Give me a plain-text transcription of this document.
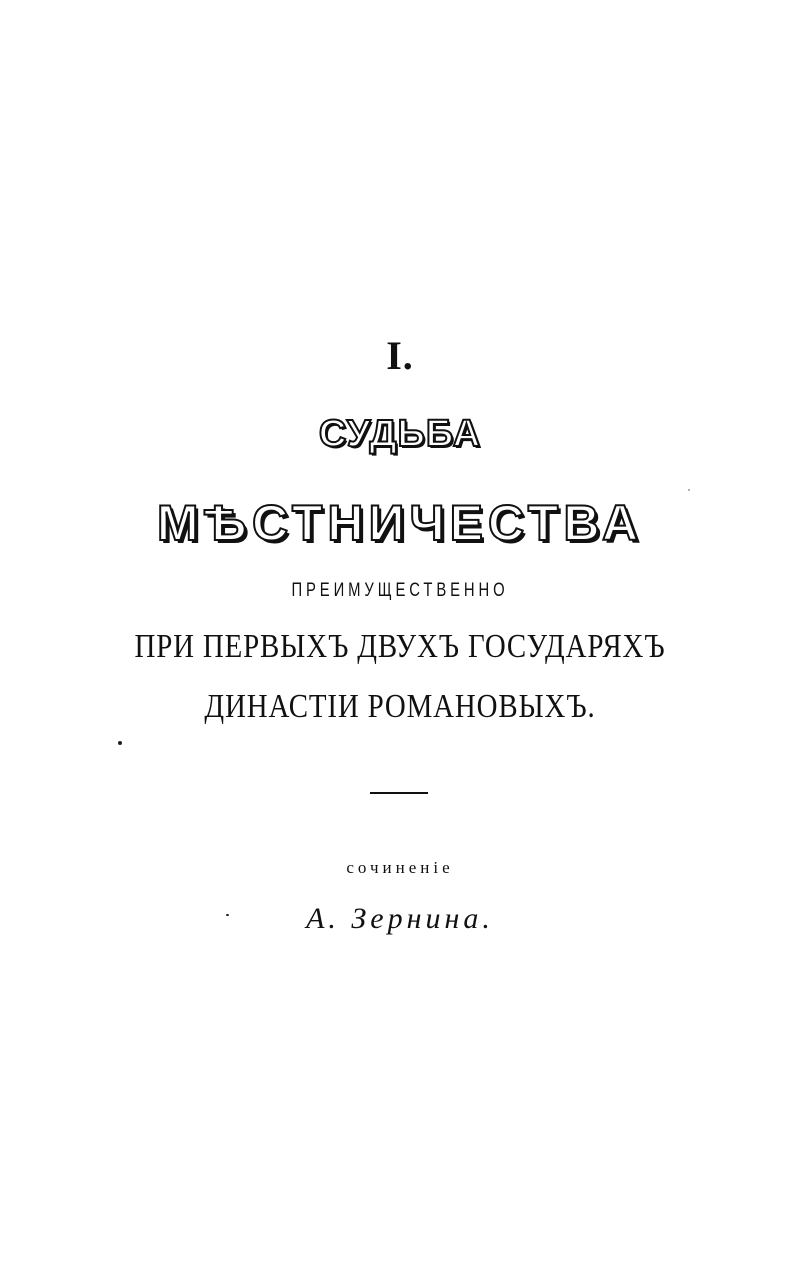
I.
СУДЬБА
МѢСТНИЧЕСТВА
ПРЕИМУЩЕСТВЕННО
ПРИ ПЕРВЫХЪ ДВУХЪ ГОСУДАРЯХЪ
ДИНАСТІИ РОМАНОВЫХЪ.
сочиненіе
А. Зернина.
